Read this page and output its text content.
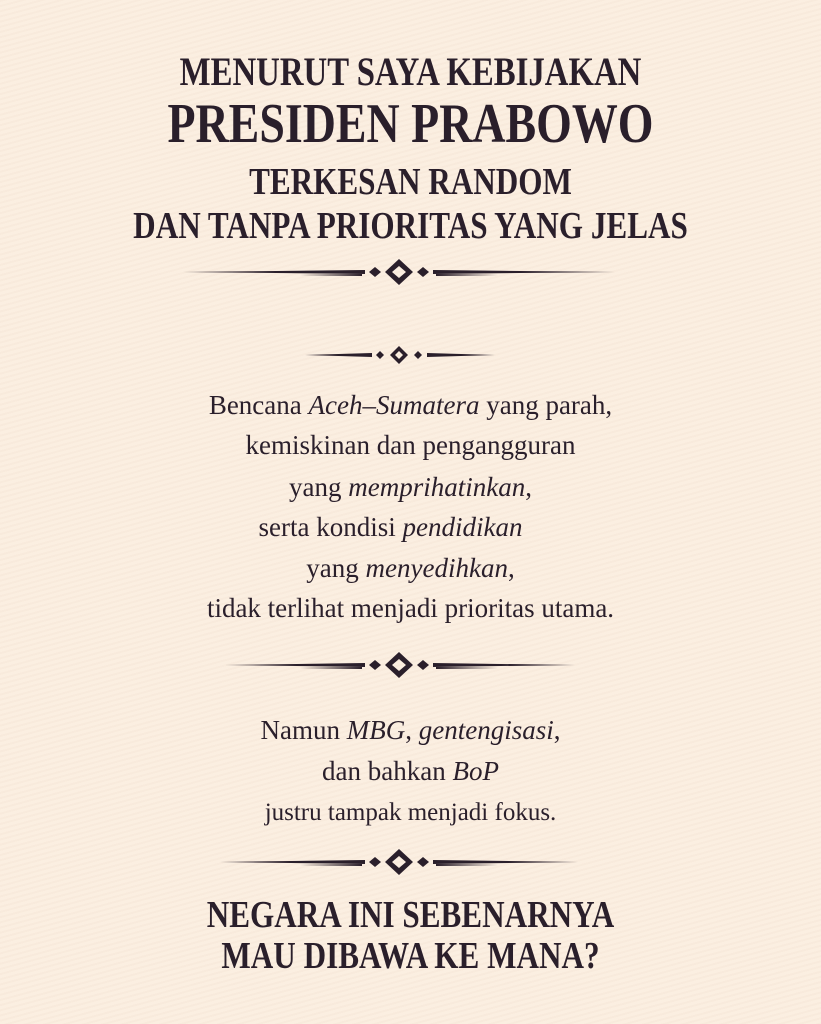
MENURUT SAYA KEBIJAKAN
PRESIDEN PRABOWO
TERKESAN RANDOM
DAN TANPA PRIORITAS YANG JELAS
Bencana Aceh–Sumatera yang parah,
kemiskinan dan pengangguran
yang memprihatinkan,
serta kondisi pendidikan
yang menyedihkan,
tidak terlihat menjadi prioritas utama.
Namun MBG, gentengisasi,
dan bahkan BoP
justru tampak menjadi fokus.
NEGARA INI SEBENARNYA
MAU DIBAWA KE MANA?
